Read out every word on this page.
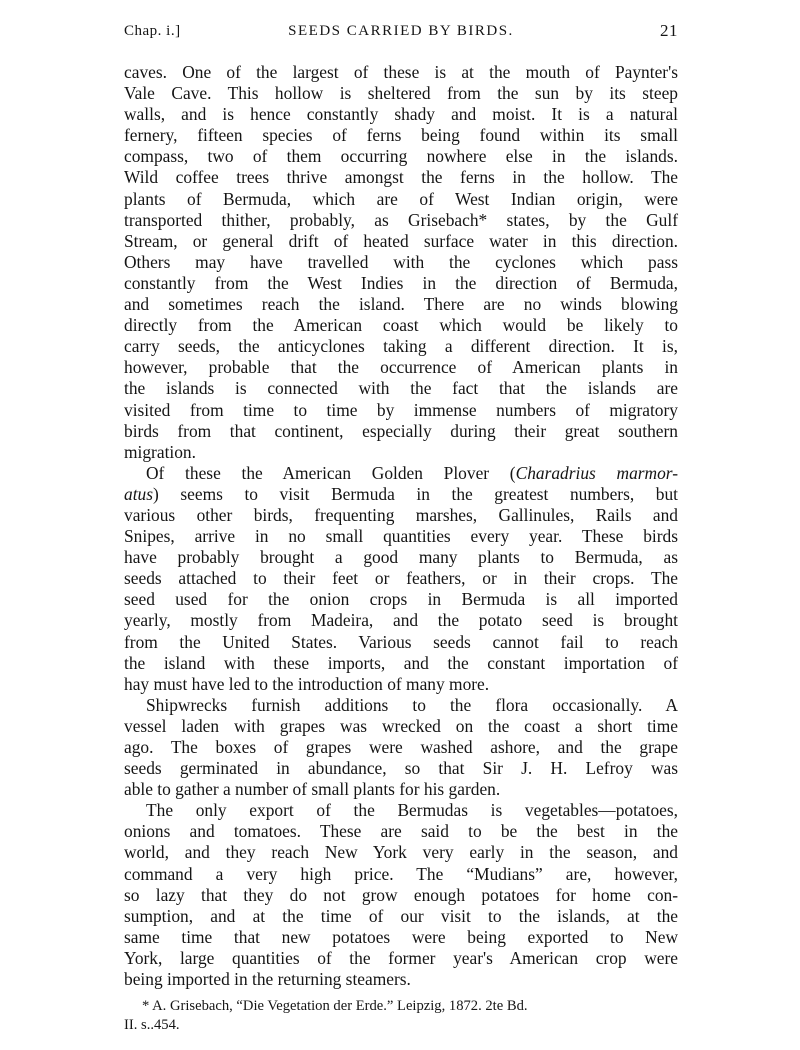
Chap. i.]	SEEDS CARRIED BY BIRDS.	21
caves. One of the largest of these is at the mouth of Paynter's
Vale Cave. This hollow is sheltered from the sun by its steep
walls, and is hence constantly shady and moist. It is a natural
fernery, fifteen species of ferns being found within its small
compass, two of them occurring nowhere else in the islands.
Wild coffee trees thrive amongst the ferns in the hollow. The
plants of Bermuda, which are of West Indian origin, were
transported thither, probably, as Grisebach* states, by the Gulf
Stream, or general drift of heated surface water in this direction.
Others may have travelled with the cyclones which pass
constantly from the West Indies in the direction of Bermuda,
and sometimes reach the island. There are no winds blowing
directly from the American coast which would be likely to
carry seeds, the anticyclones taking a different direction. It is,
however, probable that the occurrence of American plants in
the islands is connected with the fact that the islands are
visited from time to time by immense numbers of migratory
birds from that continent, especially during their great southern
migration.
Of these the American Golden Plover (Charadrius marmor-
atus) seems to visit Bermuda in the greatest numbers, but
various other birds, frequenting marshes, Gallinules, Rails and
Snipes, arrive in no small quantities every year. These birds
have probably brought a good many plants to Bermuda, as
seeds attached to their feet or feathers, or in their crops. The
seed used for the onion crops in Bermuda is all imported
yearly, mostly from Madeira, and the potato seed is brought
from the United States. Various seeds cannot fail to reach
the island with these imports, and the constant importation of
hay must have led to the introduction of many more.
Shipwrecks furnish additions to the flora occasionally. A
vessel laden with grapes was wrecked on the coast a short time
ago. The boxes of grapes were washed ashore, and the grape
seeds germinated in abundance, so that Sir J. H. Lefroy was
able to gather a number of small plants for his garden.
The only export of the Bermudas is vegetables—potatoes,
onions and tomatoes. These are said to be the best in the
world, and they reach New York very early in the season, and
command a very high price. The “Mudians” are, however,
so lazy that they do not grow enough potatoes for home con-
sumption, and at the time of our visit to the islands, at the
same time that new potatoes were being exported to New
York, large quantities of the former year's American crop were
being imported in the returning steamers.
* A. Grisebach, “Die Vegetation der Erde.” Leipzig, 1872. 2te Bd.
II. s..454.
